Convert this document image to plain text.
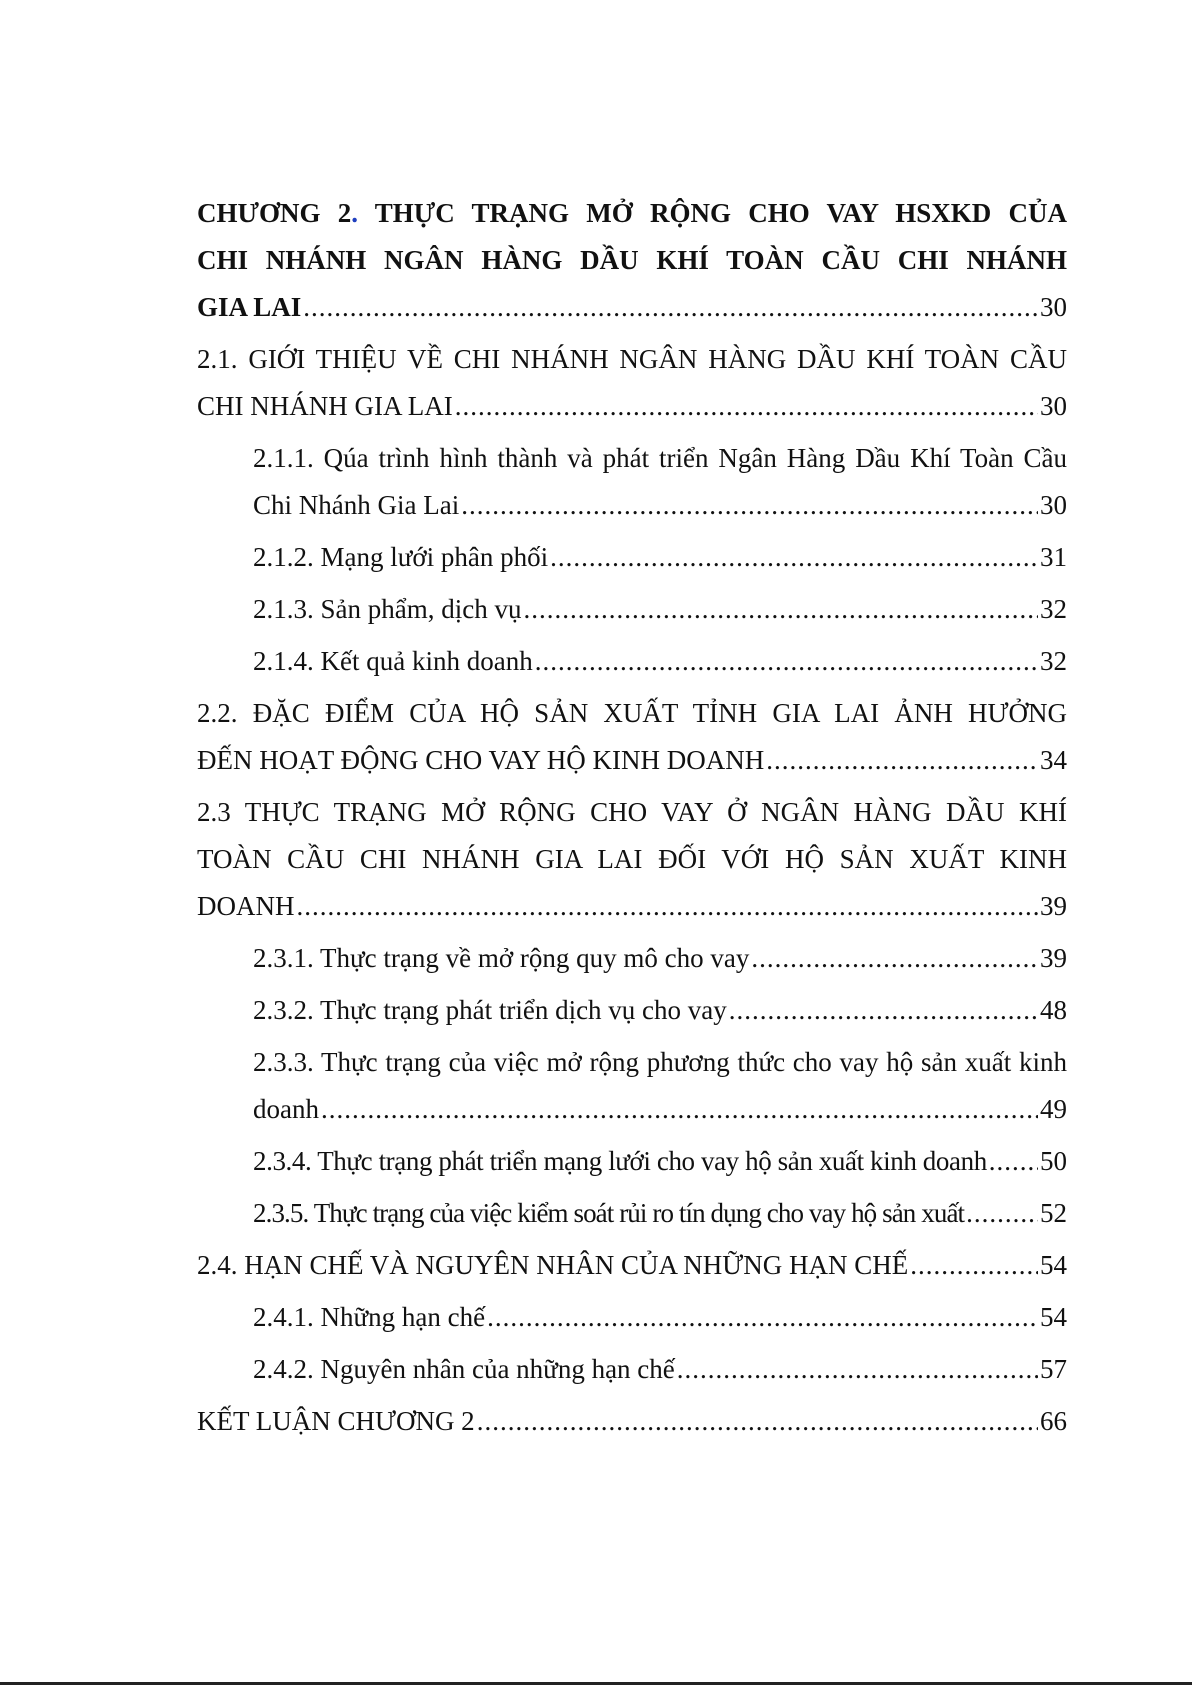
CHƯƠNG 2. THỰC TRẠNG MỞ RỘNG CHO VAY HSXKD CỦA
CHI NHÁNH NGÂN HÀNG DẦU KHÍ TOÀN CẦU CHI NHÁNH
GIA LAI .....	30
2.1. GIỚI THIỆU VỀ CHI NHÁNH NGÂN HÀNG DẦU KHÍ TOÀN CẦU
CHI NHÁNH GIA LAI .....	30
2.1.1. Qúa trình hình thành và phát triển Ngân Hàng Dầu Khí Toàn Cầu
Chi Nhánh Gia Lai .....	30
2.1.2. Mạng lưới phân phối .....	31
2.1.3. Sản phẩm, dịch vụ .....	32
2.1.4. Kết quả kinh doanh .....	32
2.2. ĐẶC ĐIỂM CỦA HỘ SẢN XUẤT TỈNH GIA LAI ẢNH HƯỞNG
ĐẾN HOẠT ĐỘNG CHO VAY HỘ KINH DOANH .....	34
2.3 THỰC TRẠNG MỞ RỘNG CHO VAY Ở NGÂN HÀNG DẦU KHÍ
TOÀN CẦU CHI NHÁNH GIA LAI ĐỐI VỚI HỘ SẢN XUẤT KINH
DOANH .....	39
2.3.1. Thực trạng về mở rộng quy mô cho vay .....	39
2.3.2. Thực trạng phát triển dịch vụ cho vay .....	48
2.3.3. Thực trạng của việc mở rộng phương thức cho vay hộ sản xuất kinh
doanh .....	49
2.3.4. Thực trạng phát triển mạng lưới cho vay hộ sản xuất kinh doanh ..... 50
2.3.5. Thực trạng của việc kiểm soát rủi ro tín dụng cho vay hộ sản xuất .....	52
2.4. HẠN CHẾ VÀ NGUYÊN NHÂN CỦA NHỮNG HẠN CHẾ .....	54
2.4.1. Những hạn chế .....	54
2.4.2. Nguyên nhân của những hạn chế .....	57
KẾT LUẬN CHƯƠNG 2 .....	66
